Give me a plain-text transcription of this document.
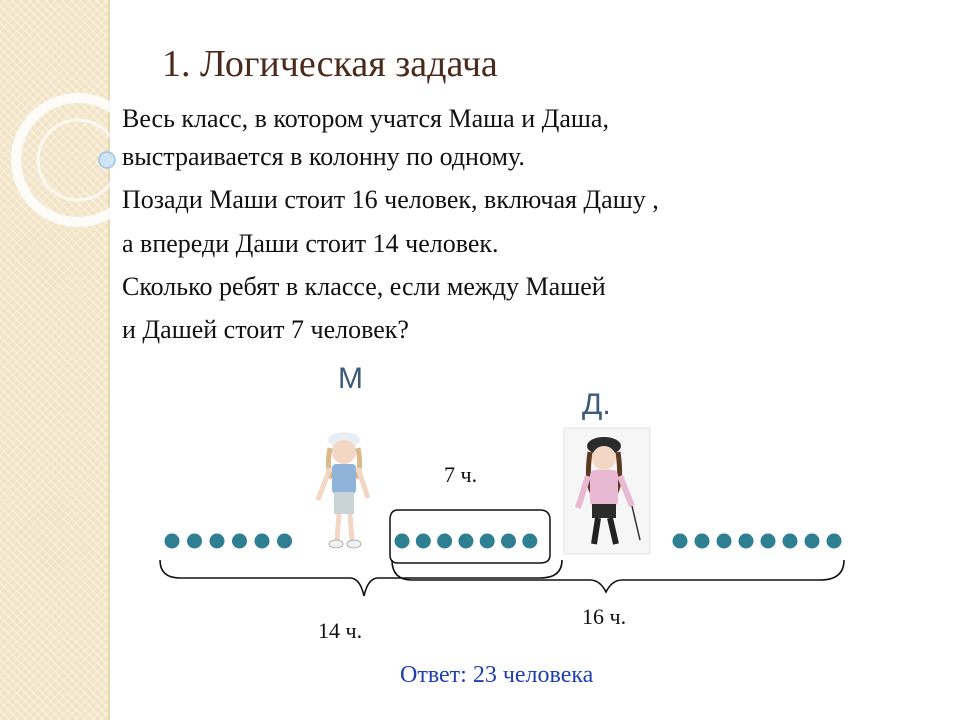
1. Логическая задача
Весь класс, в котором учатся Маша и Даша,
выстраивается в колонну по одному.
Позади Маши стоит 16 человек, включая Дашу ,
а впереди Даши стоит 14 человек.
Сколько ребят в классе, если между Машей
и Дашей стоит 7 человек?
М
Д.
7 ч.
14 ч.
16 ч.
Ответ: 23 человека
